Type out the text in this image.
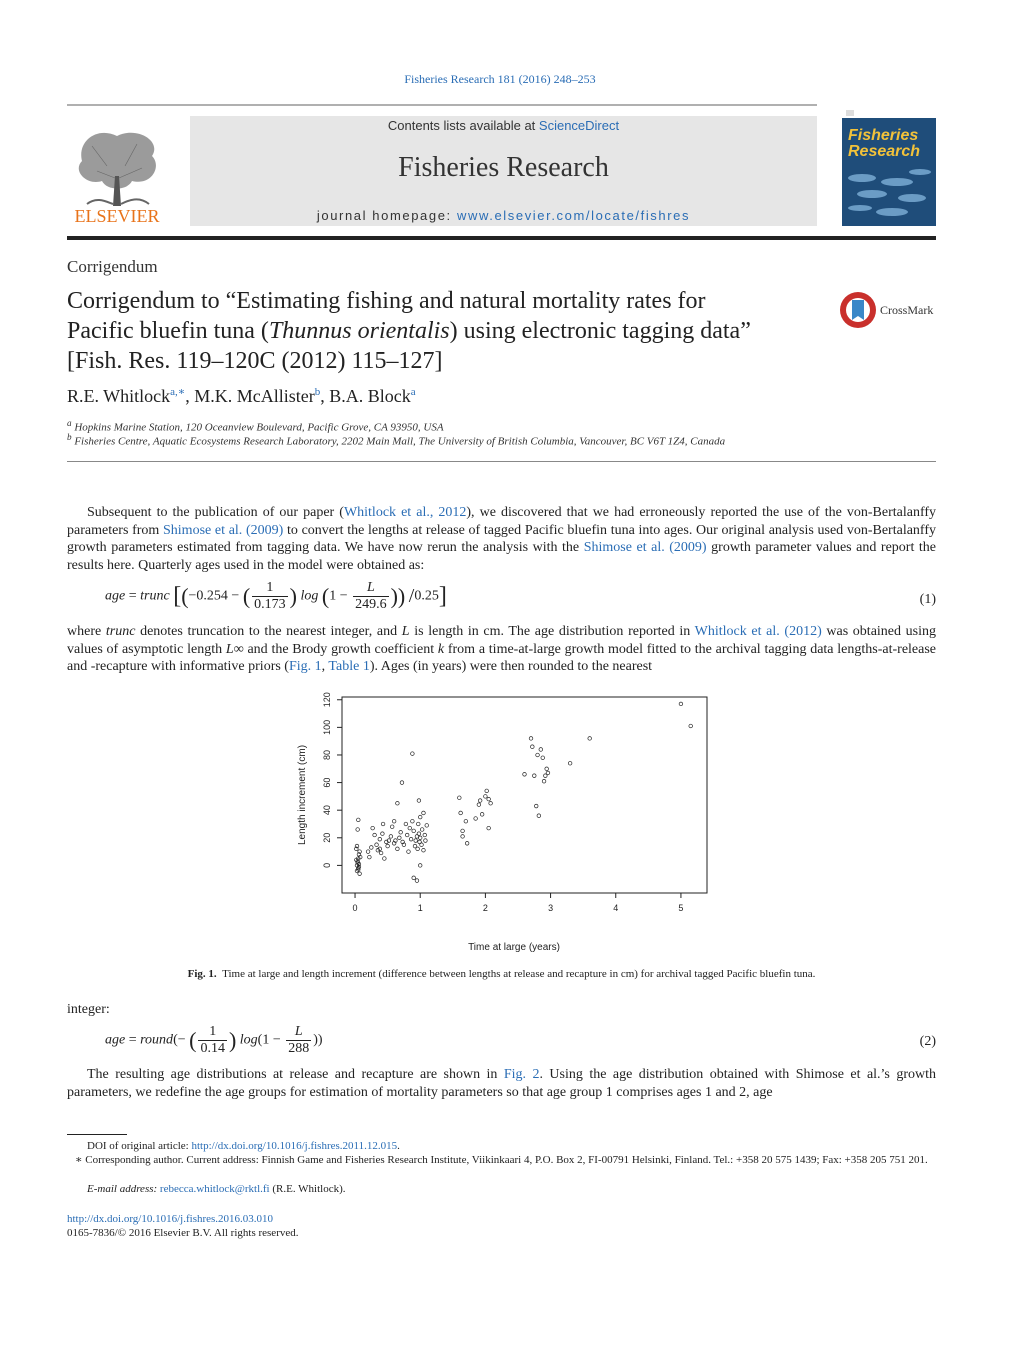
Fisheries Research 181 (2016) 248–253
ELSEVIER
Contents lists available at ScienceDirect
Fisheries Research
journal homepage: www.elsevier.com/locate/fishres
Fisheries
Research
Corrigendum
Corrigendum to “Estimating fishing and natural mortality rates for
Pacific bluefin tuna (Thunnus orientalis) using electronic tagging data”
[Fish. Res. 119–120C (2012) 115–127]
CrossMark
R.E. Whitlock$^{a,∗}$, M.K. McAllister$^b$, B.A. Block$^a$
$^a$ Hopkins Marine Station, 120 Oceanview Boulevard, Pacific Grove, CA 93950, USA
$^b$ Fisheries Centre, Aquatic Ecosystems Research Laboratory, 2202 Main Mall, The University of British Columbia, Vancouver, BC V6T 1Z4, Canada
Subsequent to the publication of our paper (Whitlock et al., 2012), we discovered that we had erroneously reported the use of the von-Bertalanffy parameters from Shimose et al. (2009) to convert the lengths at release of tagged Pacific bluefin tuna into ages. Our original analysis used von-Bertalanffy growth parameters estimated from tagging data. We have now rerun the analysis with the Shimose et al. (2009) growth parameter values and report the results here. Quarterly ages used in the model were obtained as:
age = trunc [(−0.254 − ( $\frac{1}{0.173}$ ) $\log (1 - \frac{L}{249.6}$ )) /0.25]	(1)
where trunc denotes truncation to the nearest integer, and L is length in cm. The age distribution reported in Whitlock et al. (2012) was obtained using values of asymptotic length L∞ and the Brody growth coefficient k from a time-at-large growth model fitted to the archival tagging data lengths-at-release and -recapture with informative priors (Fig. 1, Table 1). Ages (in years) were then rounded to the nearest
0	1	2	3	4	5
0
20
40
60
80
100
120
Time at large (years)
Length increment (cm)
Fig. 1. Time at large and length increment (difference between lengths at release and recapture in cm) for archival tagged Pacific bluefin tuna.
integer:
age = round(− ( $\frac{1}{0.14}$ ) $\log(1 - \frac{L}{288}$ ))	(2)
The resulting age distributions at release and recapture are shown in Fig. 2. Using the age distribution obtained with Shimose et al.’s growth parameters, we redefine the age groups for estimation of mortality parameters so that age group 1 comprises ages 1 and 2, age
DOI of original article: http://dx.doi.org/10.1016/j.fishres.2011.12.015.
∗ Corresponding author. Current address: Finnish Game and Fisheries Research Institute, Viikinkaari 4, P.O. Box 2, FI-00791 Helsinki, Finland. Tel.: +358 20 575 1439; Fax: +358 205 751 201.
E-mail address: rebecca.whitlock@rktl.fi (R.E. Whitlock).
http://dx.doi.org/10.1016/j.fishres.2016.03.010
0165-7836/© 2016 Elsevier B.V. All rights reserved.
